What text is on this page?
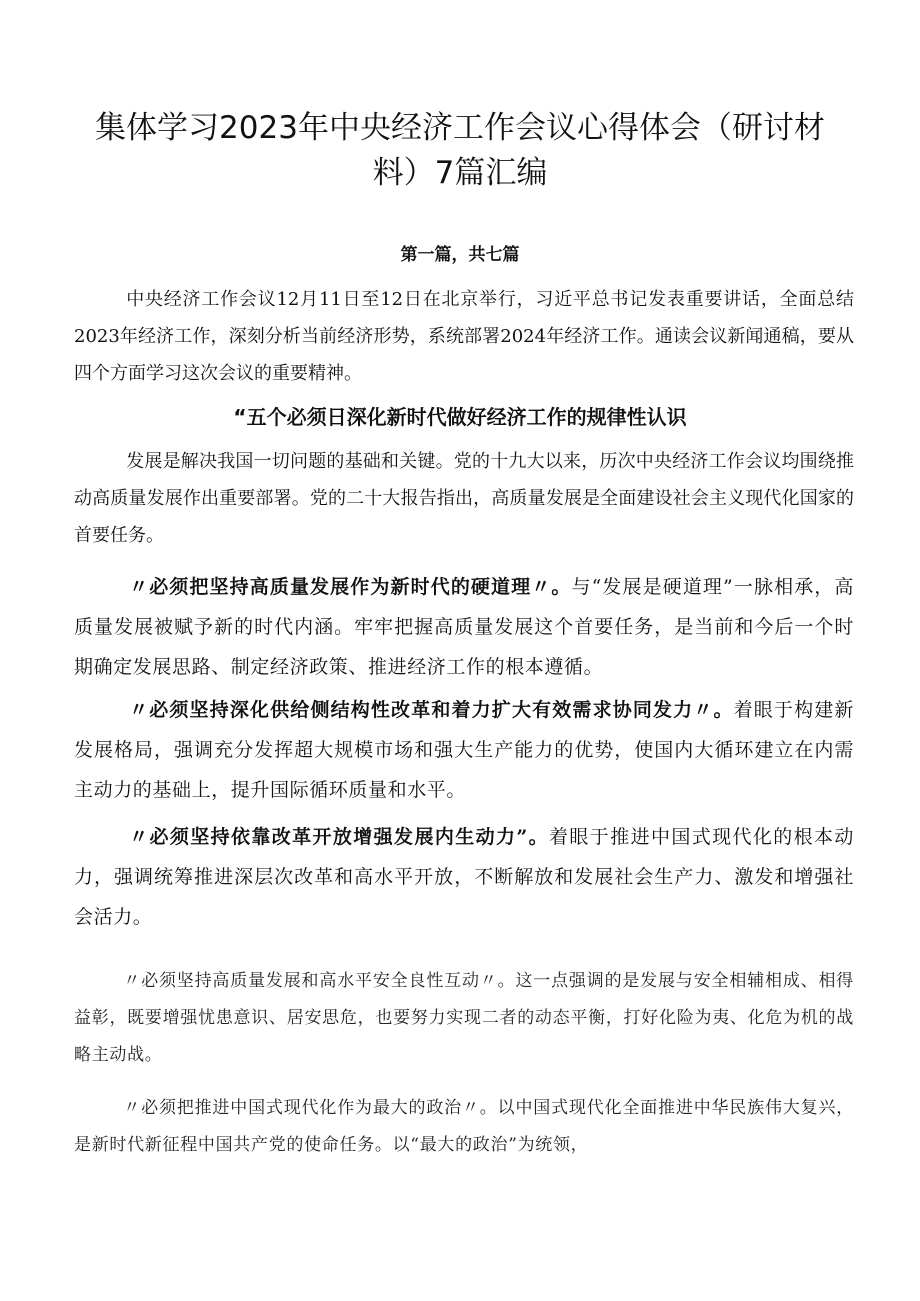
集体学习2023年中央经济工作会议心得体会（研讨材料）7篇汇编
第一篇，共七篇

中央经济工作会议12月11日至12日在北京举行，习近平总书记发表重要讲话，全面总结2023年经济工作，深刻分析当前经济形势，系统部署2024年经济工作。通读会议新闻通稿，要从四个方面学习这次会议的重要精神。

“五个必须日深化新时代做好经济工作的规律性认识

发展是解决我国一切问题的基础和关键。党的十九大以来，历次中央经济工作会议均围绕推动高质量发展作出重要部署。党的二十大报告指出，高质量发展是全面建设社会主义现代化国家的首要任务。

〃必须把坚持高质量发展作为新时代的硬道理〃。与“发展是硬道理”一脉相承，高质量发展被赋予新的时代内涵。牢牢把握高质量发展这个首要任务，是当前和今后一个时期确定发展思路、制定经济政策、推进经济工作的根本遵循。

〃必须坚持深化供给侧结构性改革和着力扩大有效需求协同发力〃。着眼于构建新发展格局，强调充分发挥超大规模市场和强大生产能力的优势，使国内大循环建立在内需主动力的基础上，提升国际循环质量和水平。

〃必须坚持依靠改革开放增强发展内生动力”。着眼于推进中国式现代化的根本动力，强调统筹推进深层次改革和高水平开放，不断解放和发展社会生产力、激发和增强社会活力。

〃必须坚持高质量发展和高水平安全良性互动〃。这一点强调的是发展与安全相辅相成、相得益彰，既要增强忧患意识、居安思危，也要努力实现二者的动态平衡，打好化险为夷、化危为机的战略主动战。

〃必须把推进中国式现代化作为最大的政治〃。以中国式现代化全面推进中华民族伟大复兴，是新时代新征程中国共产党的使命任务。以“最大的政治”为统领，
